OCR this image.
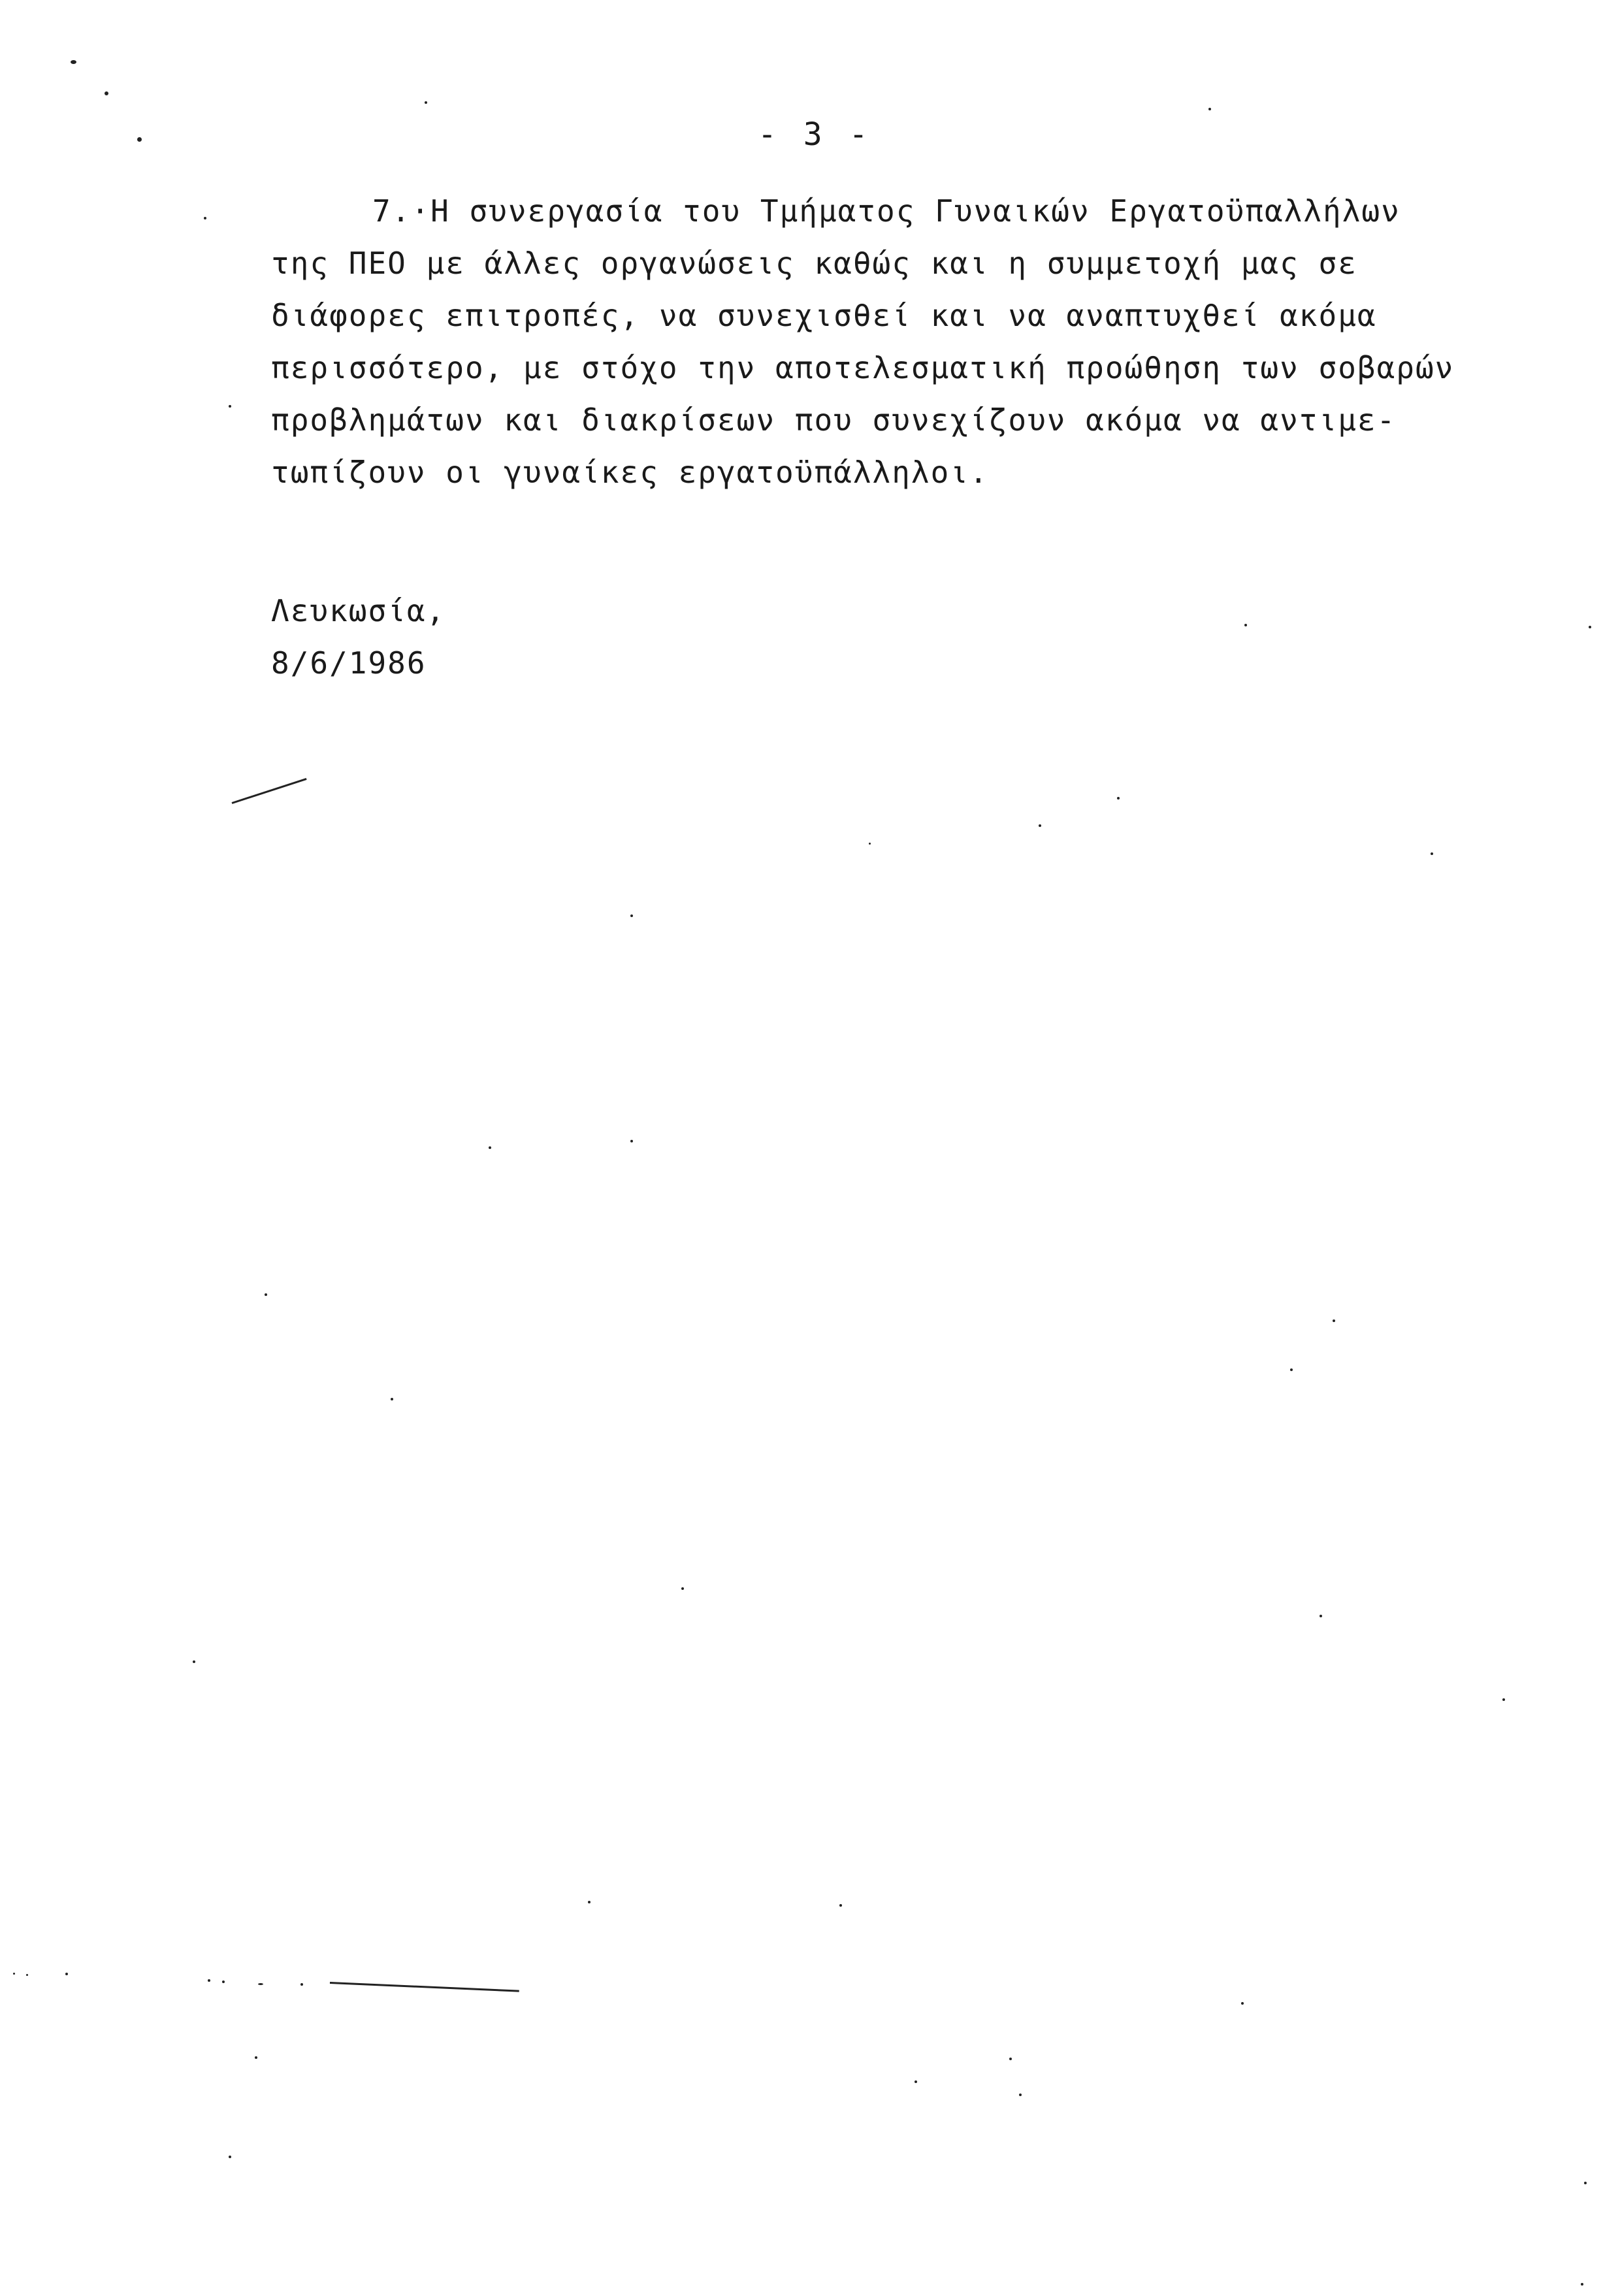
- 3 -
7.·Η συνεργασία του Τμήματος Γυναικών Εργατοϋπαλλήλων
της ΠΕΟ με άλλες οργανώσεις καθώς και η συμμετοχή μας σε
διάφορες επιτροπές, να συνεχισθεί και να αναπτυχθεί ακόμα
περισσότερο, με στόχο την αποτελεσματική προώθηση των σοβαρών
προβλημάτων και διακρίσεων που συνεχίζουν ακόμα να αντιμε-
τωπίζουν οι γυναίκες εργατοϋπάλληλοι.
Λευκωσία,
8/6/1986
